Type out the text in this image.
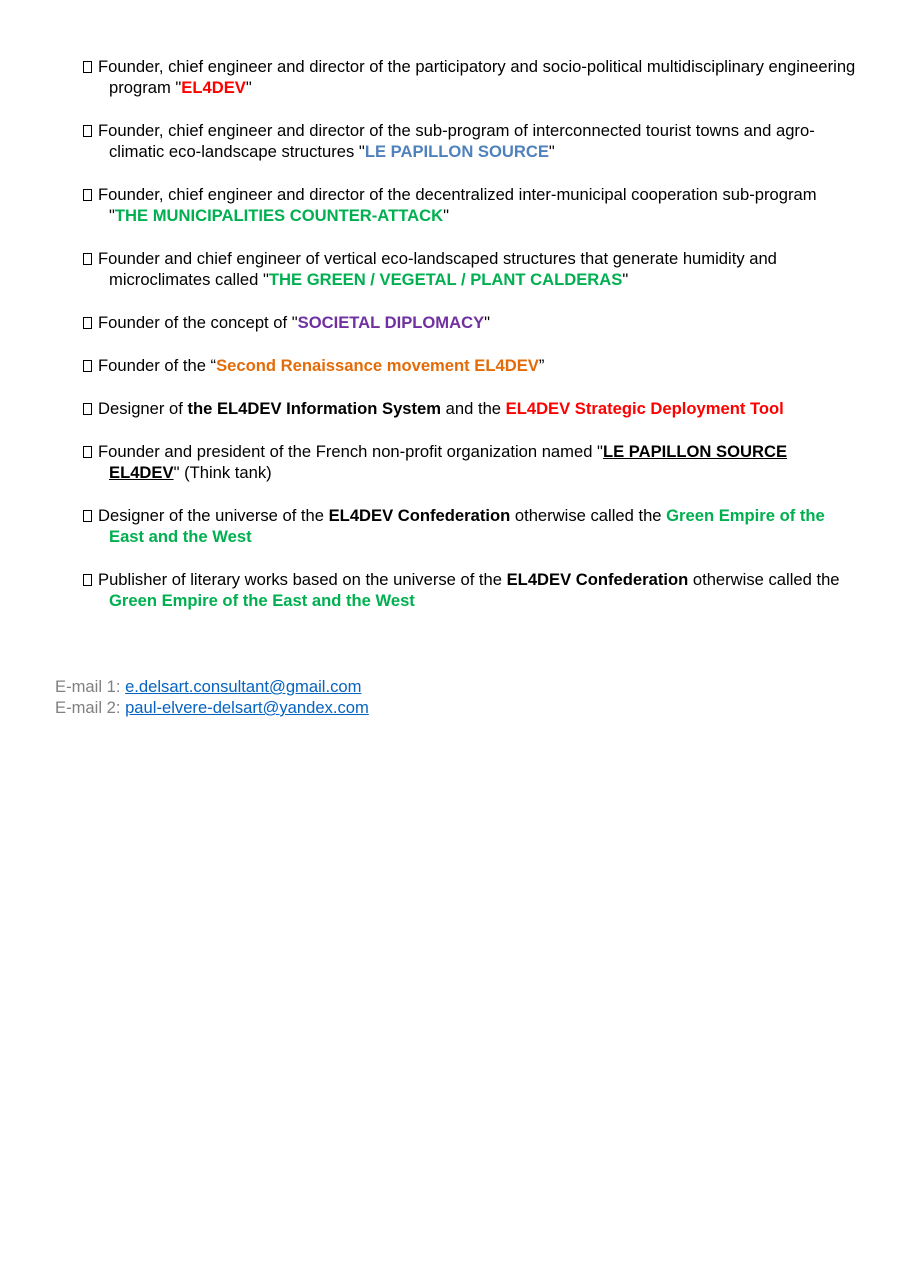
Founder, chief engineer and director of the participatory and socio-political multidisciplinary engineering program "EL4DEV"
Founder, chief engineer and director of the sub-program of interconnected tourist towns and agro-climatic eco-landscape structures "LE PAPILLON SOURCE"
Founder, chief engineer and director of the decentralized inter-municipal cooperation sub-program "THE MUNICIPALITIES COUNTER-ATTACK"
Founder and chief engineer of vertical eco-landscaped structures that generate humidity and microclimates called "THE GREEN / VEGETAL / PLANT CALDERAS"
Founder of the concept of "SOCIETAL DIPLOMACY"
Founder of the “Second Renaissance movement EL4DEV”
Designer of the EL4DEV Information System and the EL4DEV Strategic Deployment Tool
Founder and president of the French non-profit organization named "LE PAPILLON SOURCE EL4DEV" (Think tank)
Designer of the universe of the EL4DEV Confederation otherwise called the Green Empire of the East and the West
Publisher of literary works based on the universe of the EL4DEV Confederation otherwise called the Green Empire of the East and the West
E-mail 1: e.delsart.consultant@gmail.com
E-mail 2: paul-elvere-delsart@yandex.com
